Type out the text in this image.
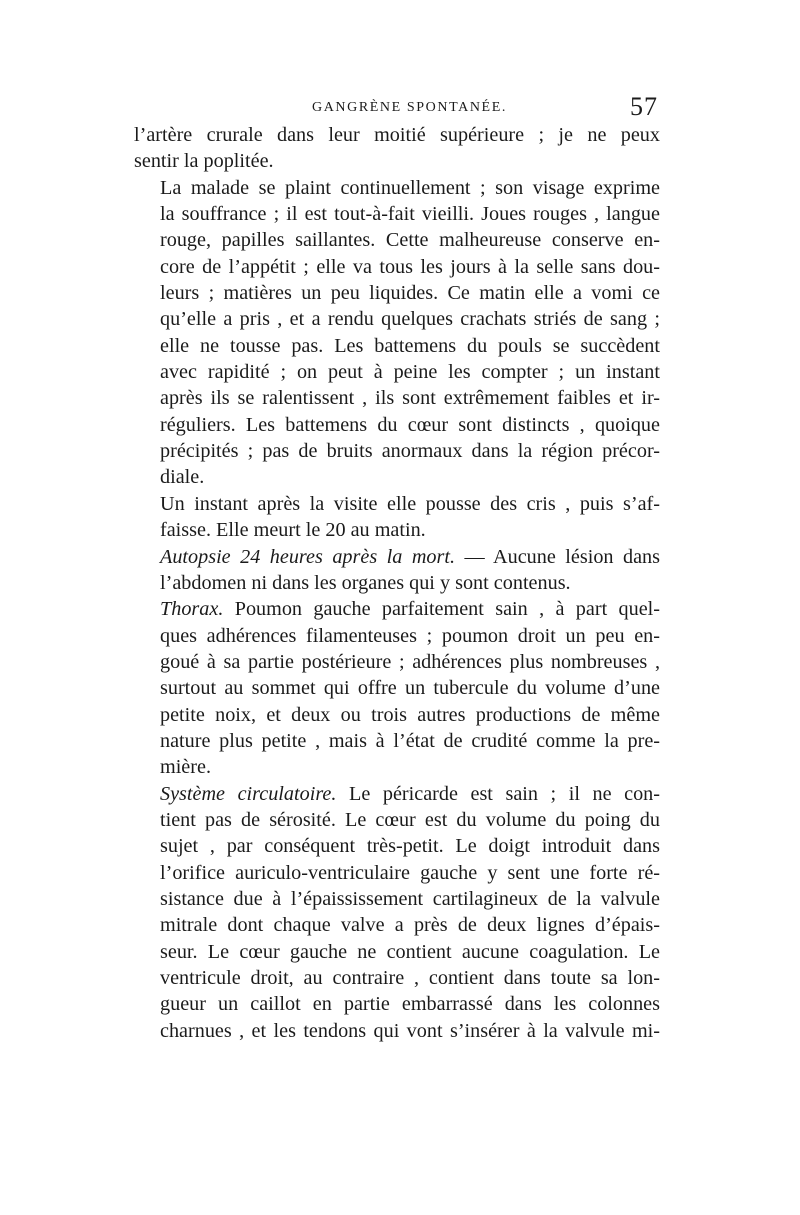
GANGRÈNE SPONTANÉE.	57

l’artère crurale dans leur moitié supérieure ; je ne peux
sentir la poplitée.

La malade se plaint continuellement ; son visage exprime
la souffrance ; il est tout-à-fait vieilli. Joues rouges , langue
rouge, papilles saillantes. Cette malheureuse conserve en-
core de l’appétit ; elle va tous les jours à la selle sans dou-
leurs ; matières un peu liquides. Ce matin elle a vomi ce
qu’elle a pris , et a rendu quelques crachats striés de sang ;
elle ne tousse pas. Les battemens du pouls se succèdent
avec rapidité ; on peut à peine les compter ; un instant
après ils se ralentissent , ils sont extrêmement faibles et ir-
réguliers. Les battemens du cœur sont distincts , quoique
précipités ; pas de bruits anormaux dans la région précor-
diale.

Un instant après la visite elle pousse des cris , puis s’af-
faisse. Elle meurt le 20 au matin.

Autopsie 24 heures après la mort. — Aucune lésion dans
l’abdomen ni dans les organes qui y sont contenus.

Thorax. Poumon gauche parfaitement sain , à part quel-
ques adhérences filamenteuses ; poumon droit un peu en-
goué à sa partie postérieure ; adhérences plus nombreuses ,
surtout au sommet qui offre un tubercule du volume d’une
petite noix, et deux ou trois autres productions de même
nature plus petite , mais à l’état de crudité comme la pre-
mière.

Système circulatoire. Le péricarde est sain ; il ne con-
tient pas de sérosité. Le cœur est du volume du poing du
sujet , par conséquent très-petit. Le doigt introduit dans
l’orifice auriculo-ventriculaire gauche y sent une forte ré-
sistance due à l’épaississement cartilagineux de la valvule
mitrale dont chaque valve a près de deux lignes d’épais-
seur. Le cœur gauche ne contient aucune coagulation. Le
ventricule droit, au contraire , contient dans toute sa lon-
gueur un caillot en partie embarrassé dans les colonnes
charnues , et les tendons qui vont s’insérer à la valvule mi-
